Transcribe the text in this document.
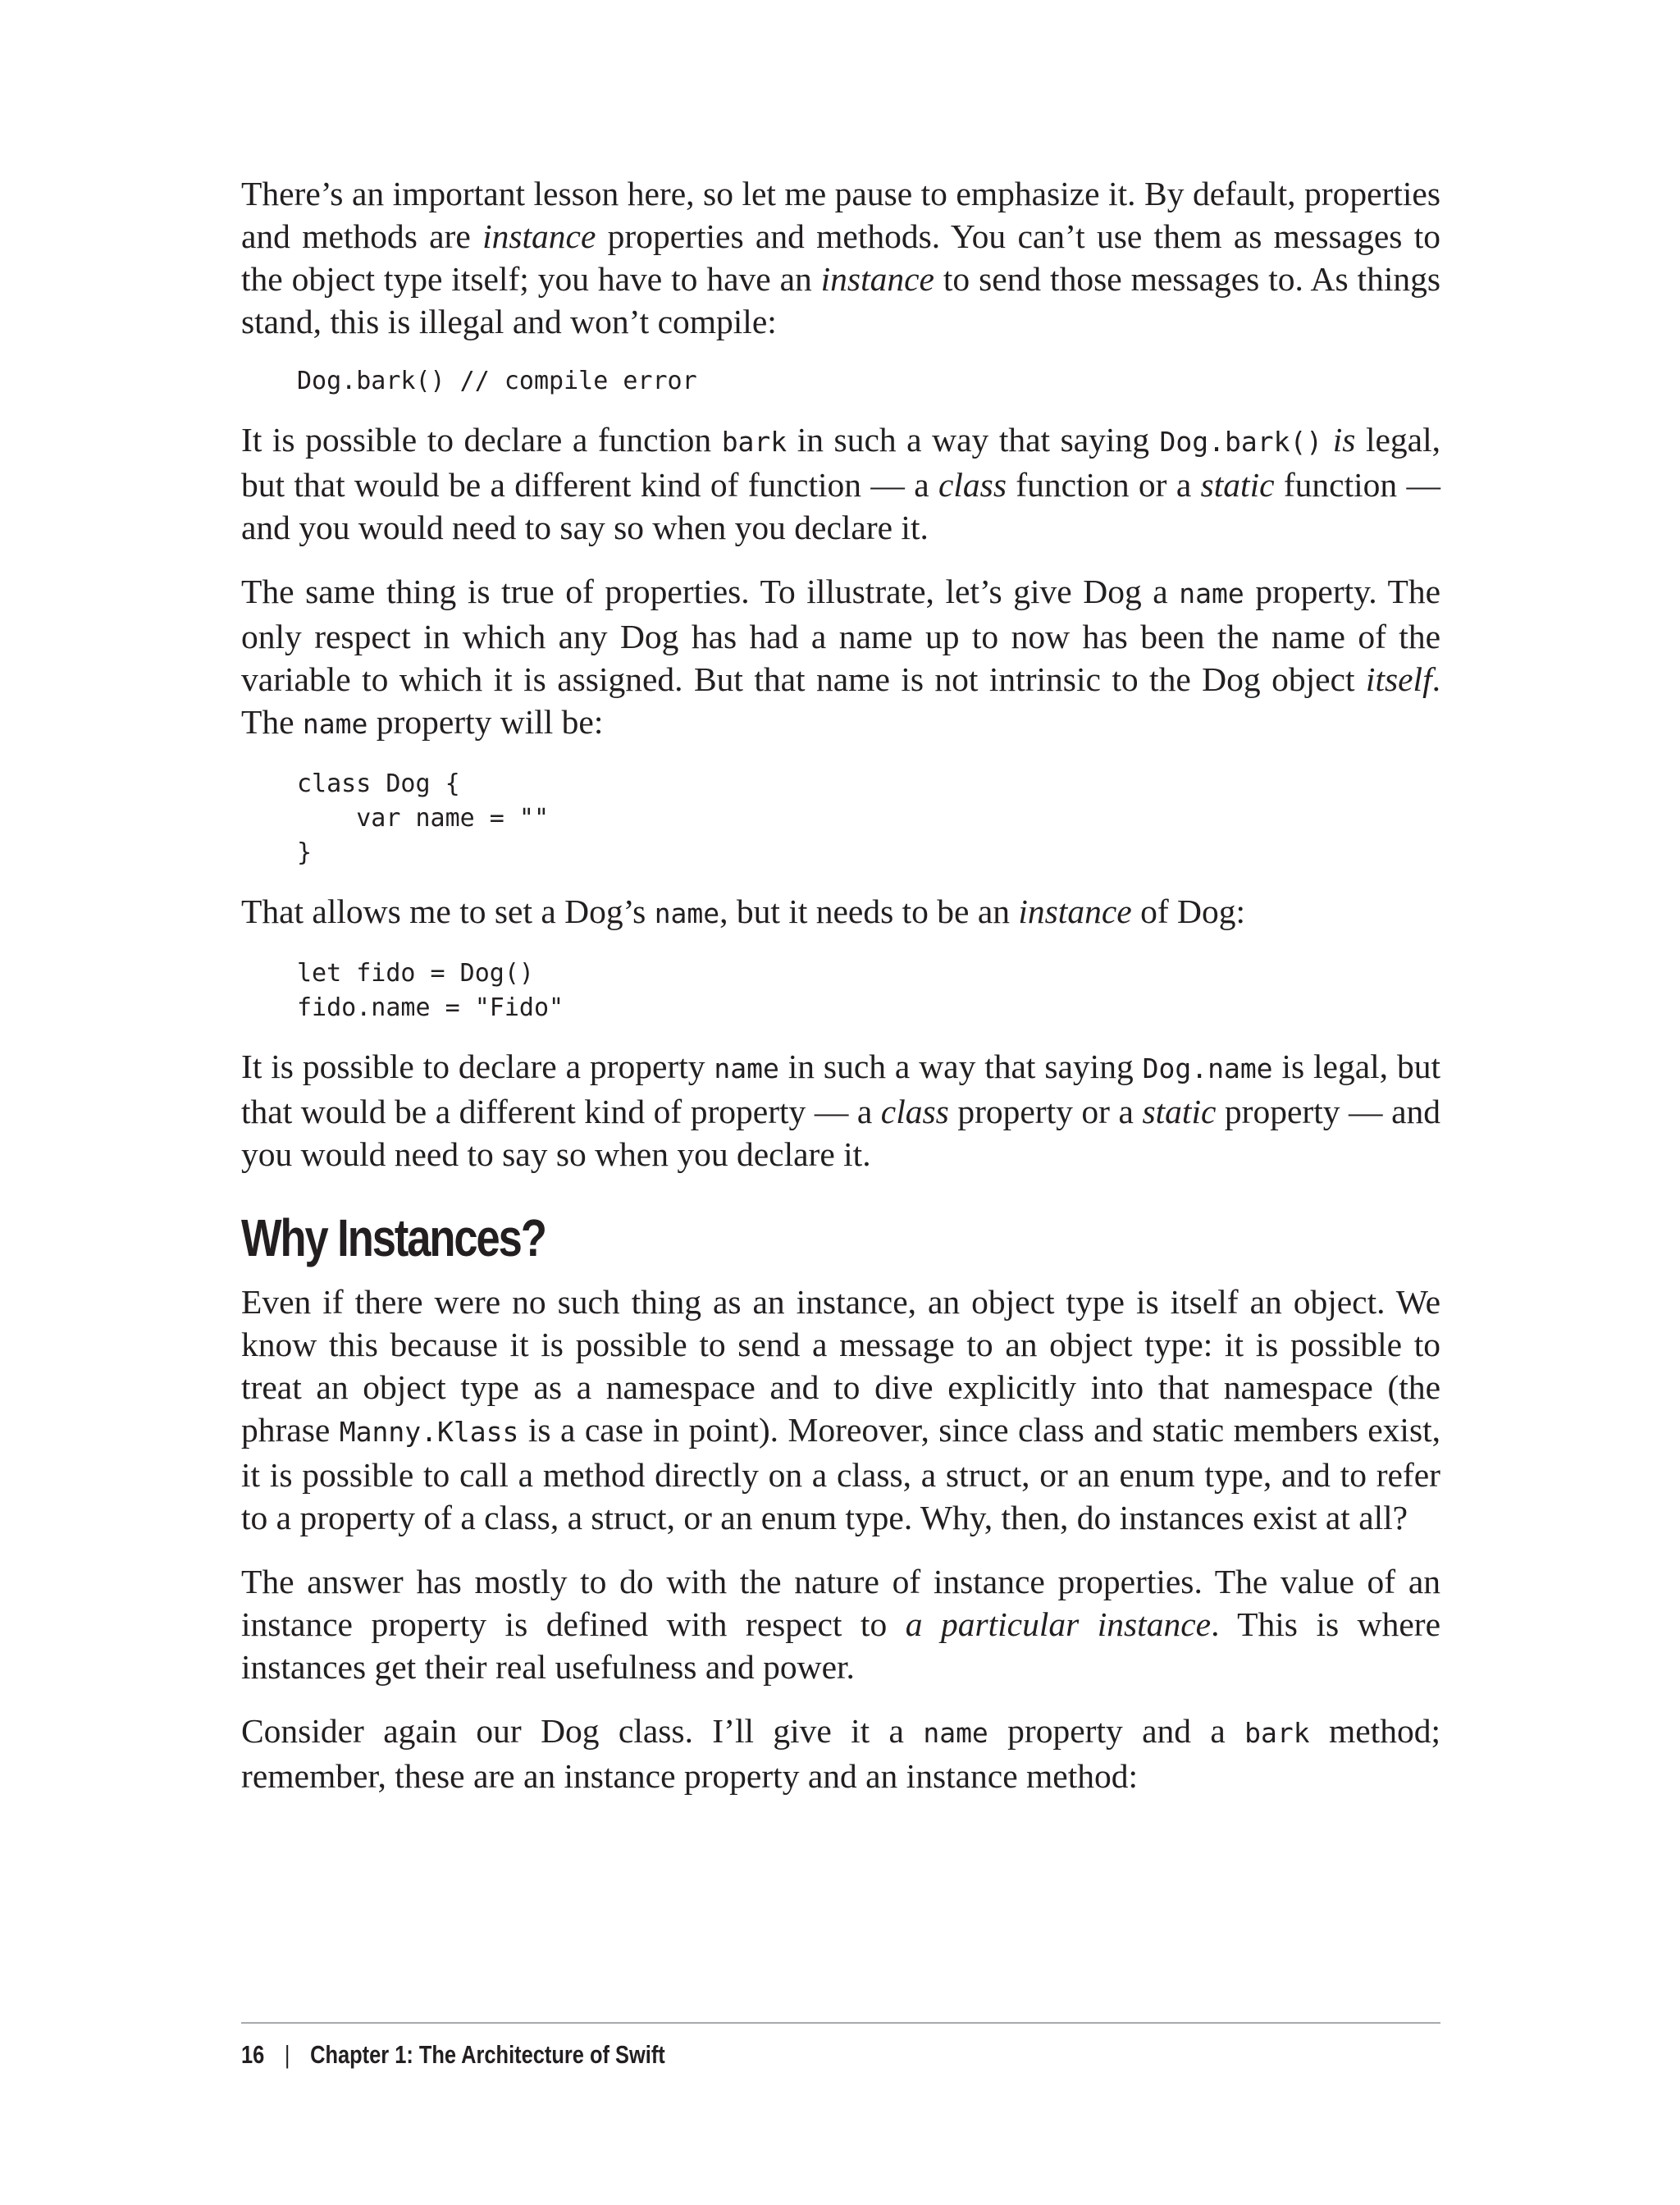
There’s an important lesson here, so let me pause to emphasize it. By default, properties and methods are instance properties and methods. You can’t use them as messages to the object type itself; you have to have an instance to send those messages to. As things stand, this is illegal and won’t compile:

Dog.bark() // compile error

It is possible to declare a function bark in such a way that saying Dog.bark() is legal, but that would be a different kind of function — a class function or a static function — and you would need to say so when you declare it.

The same thing is true of properties. To illustrate, let’s give Dog a name property. The only respect in which any Dog has had a name up to now has been the name of the variable to which it is assigned. But that name is not intrinsic to the Dog object itself. The name property will be:

class Dog {
var name = ""
}

That allows me to set a Dog’s name, but it needs to be an instance of Dog:

let fido = Dog()
fido.name = "Fido"

It is possible to declare a property name in such a way that saying Dog.name is legal, but that would be a different kind of property — a class property or a static property — and you would need to say so when you declare it.

Why Instances?

Even if there were no such thing as an instance, an object type is itself an object. We know this because it is possible to send a message to an object type: it is possible to treat an object type as a namespace and to dive explicitly into that namespace (the phrase Manny.Klass is a case in point). Moreover, since class and static members exist, it is possible to call a method directly on a class, a struct, or an enum type, and to refer to a property of a class, a struct, or an enum type. Why, then, do instances exist at all?

The answer has mostly to do with the nature of instance properties. The value of an instance property is defined with respect to a particular instance. This is where instances get their real usefulness and power.

Consider again our Dog class. I’ll give it a name property and a bark method; remember, these are an instance property and an instance method:

16 | Chapter 1: The Architecture of Swift
